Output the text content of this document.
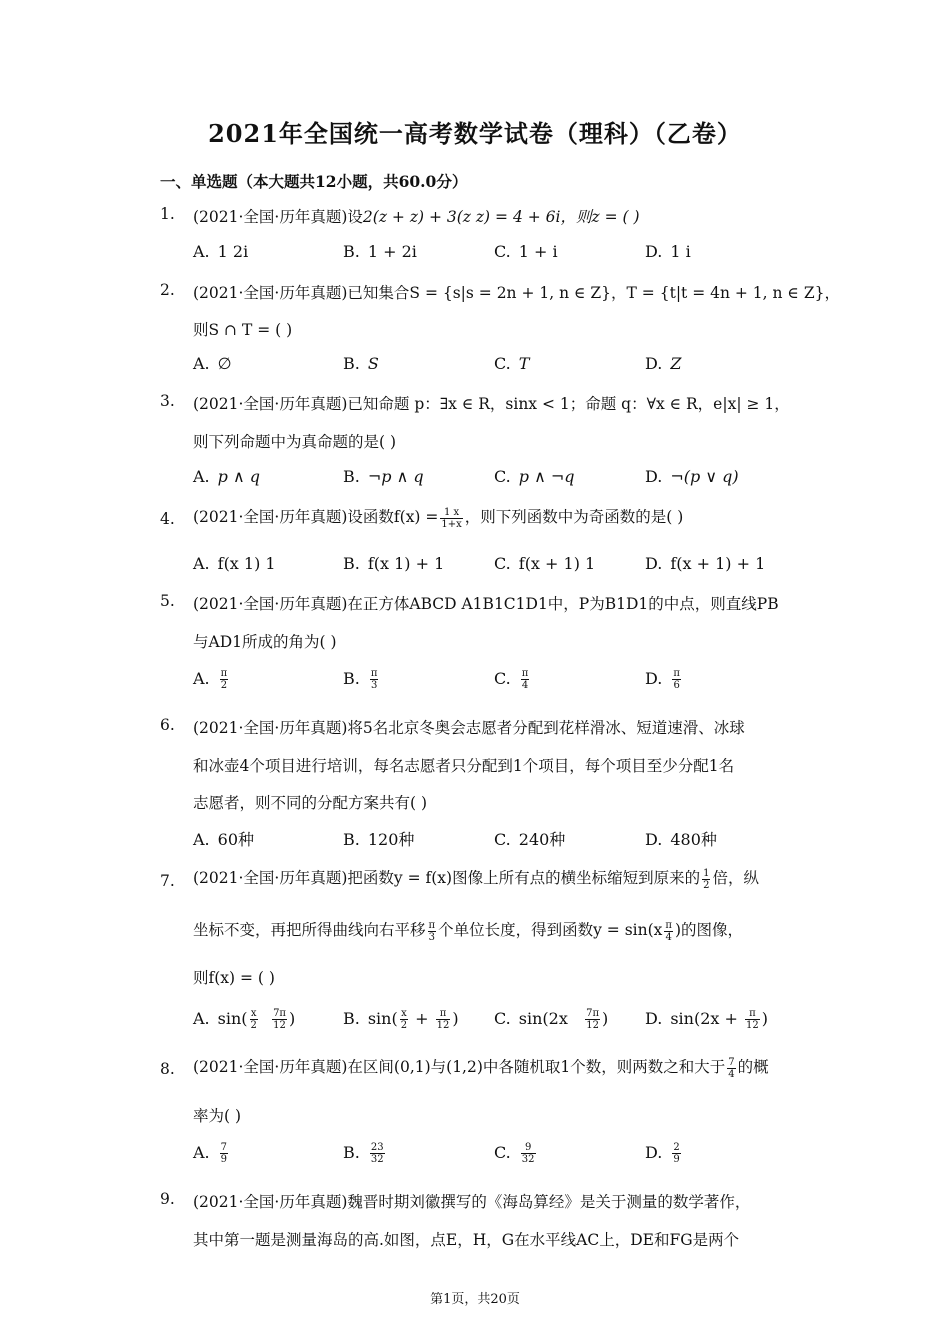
2021年全国统一高考数学试卷（理科）（乙卷）
一、单选题（本大题共12小题，共60.0分）
1. (2021·全国·历年真题)设2(z + z) + 3(z z) = 4 + 6i，则z = ( )
A. 1 2i	B. 1 + 2i	C. 1 + i	D. 1 i
2. (2021·全国·历年真题)已知集合S = {s|s = 2n + 1, n ∈ Z}，T = {t|t = 4n + 1, n ∈ Z}，
则S ∩ T = ( )
A. ∅	B. S	C. T	D. Z
3. (2021·全国·历年真题)已知命题 p：∃x ∈ R，sinx < 1；命题 q：∀x ∈ R，e|x| ≥ 1，
则下列命题中为真命题的是( )
A. p ∧ q	B. ¬p ∧ q	C. p ∧ ¬q	D. ¬(p ∨ q)
4. (2021·全国·历年真题)设函数$f(x) = \frac{1 x}{1+x}$ ，则下列函数中为奇函数的是( )
A. f(x 1) 1	B. f(x 1) + 1	C. f(x + 1) 1	D. f(x + 1) + 1
5. (2021·全国·历年真题)在正方体ABCD A1B1C1D1中，P为B1D1的中点，则直线PB
与AD1所成的角为( )
A. $\frac{\pi}{2}$	B. $\frac{\pi}{3}$	C. $\frac{\pi}{4}$	D. $\frac{\pi}{6}$
6. (2021·全国·历年真题)将5名北京冬奥会志愿者分配到花样滑冰、短道速滑、冰球
和冰壶4个项目进行培训，每名志愿者只分配到1个项目，每个项目至少分配1名
志愿者，则不同的分配方案共有( )
A. 60种	B. 120种	C. 240种	D. 480种
7. (2021·全国·历年真题)把函数y = f(x)图像上所有点的横坐标缩短到原来的 $\frac{1}{2}$ 倍，纵
坐标不变，再把所得曲线向右平移 $\frac{\pi}{3}$ 个单位长度，得到函数$y = \sin(x \frac{\pi}{4}$ )的图像，
则f(x) = ( )
A. $\sin( \frac{x}{2}$
$\frac{7\pi}{12}$ )	B. $\sin( \frac{x}{2} + \frac{\pi}{12}$ ) C. $\sin(2x \frac{7\pi}{12}$ ) D. $\sin(2x + \frac{\pi}{12}$ )
8. (2021·全国·历年真题)在区间(0,1)与(1,2)中各随机取1个数，则两数之和大于 $\frac{7}{4}$ 的概
率为( )
A. $\frac{7}{9}$	B. $\frac{23}{32}$	C. $\frac{9}{32}$	D. $\frac{2}{9}$
9. (2021·全国·历年真题)魏晋时期刘徽撰写的《海岛算经》是关于测量的数学著作，
其中第一题是测量海岛的高.如图，点E，H，G在水平线AC上，DE和FG是两个
第1页，共20页
